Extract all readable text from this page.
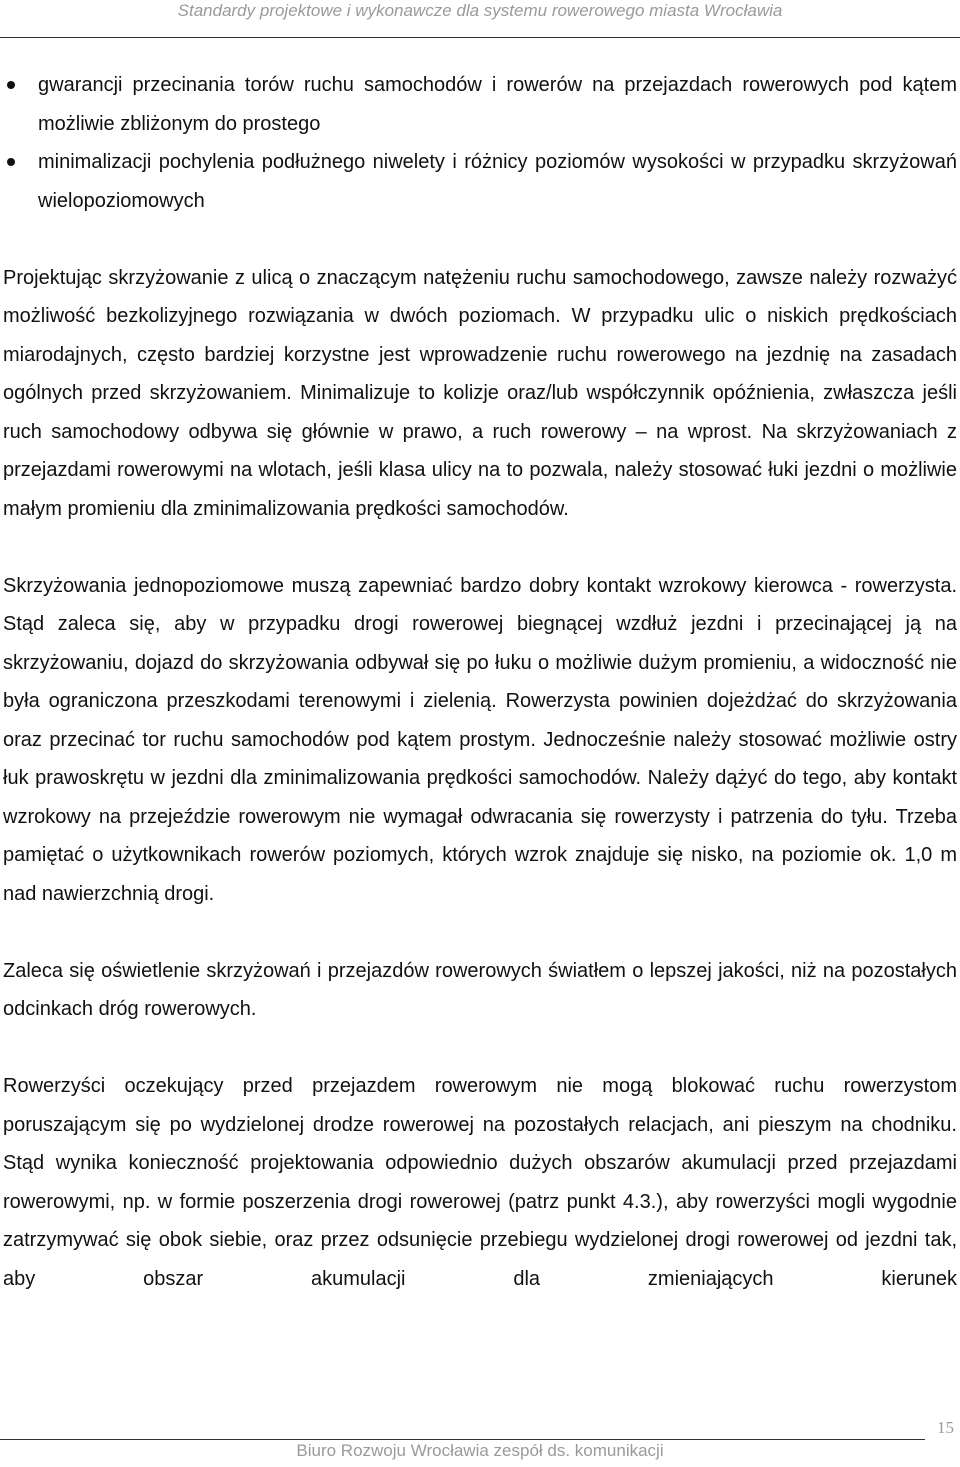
Standardy projektowe i wykonawcze dla systemu rowerowego miasta Wrocławia
gwarancji przecinania torów ruchu samochodów i rowerów na przejazdach rowerowych pod kątem możliwie zbliżonym do prostego
minimalizacji pochylenia podłużnego niwelety i różnicy poziomów wysokości w przypadku skrzyżowań wielopoziomowych

Projektując skrzyżowanie z ulicą o znaczącym natężeniu ruchu samochodowego, zawsze należy rozważyć możliwość bezkolizyjnego rozwiązania w dwóch poziomach. W przypadku ulic o niskich prędkościach miarodajnych, często bardziej korzystne jest wprowadzenie ruchu rowerowego na jezdnię na zasadach ogólnych przed skrzyżowaniem. Minimalizuje to kolizje oraz/lub współczynnik opóźnienia, zwłaszcza jeśli ruch samochodowy odbywa się głównie w prawo, a ruch rowerowy – na wprost. Na skrzyżowaniach z przejazdami rowerowymi na wlotach, jeśli klasa ulicy na to pozwala, należy stosować łuki jezdni o możliwie małym promieniu dla zminimalizowania prędkości samochodów.

Skrzyżowania jednopoziomowe muszą zapewniać bardzo dobry kontakt wzrokowy kierowca - rowerzysta. Stąd zaleca się, aby w przypadku drogi rowerowej biegnącej wzdłuż jezdni i przecinającej ją na skrzyżowaniu, dojazd do skrzyżowania odbywał się po łuku o możliwie dużym promieniu, a widoczność nie była ograniczona przeszkodami terenowymi i zielenią. Rowerzysta powinien dojeżdżać do skrzyżowania oraz przecinać tor ruchu samochodów pod kątem prostym. Jednocześnie należy stosować możliwie ostry łuk prawoskrętu w jezdni dla zminimalizowania prędkości samochodów. Należy dążyć do tego, aby kontakt wzrokowy na przejeździe rowerowym nie wymagał odwracania się rowerzysty i patrzenia do tyłu. Trzeba pamiętać o użytkownikach rowerów poziomych, których wzrok znajduje się nisko, na poziomie ok. 1,0 m nad nawierzchnią drogi.

Zaleca się oświetlenie skrzyżowań i przejazdów rowerowych światłem o lepszej jakości, niż na pozostałych odcinkach dróg rowerowych.

Rowerzyści oczekujący przed przejazdem rowerowym nie mogą blokować ruchu rowerzystom poruszającym się po wydzielonej drodze rowerowej na pozostałych relacjach, ani pieszym na chodniku. Stąd wynika konieczność projektowania odpowiednio dużych obszarów akumulacji przed przejazdami rowerowymi, np. w formie poszerzenia drogi rowerowej (patrz punkt 4.3.), aby rowerzyści mogli wygodnie zatrzymywać się obok siebie, oraz przez odsunięcie przebiegu wydzielonej drogi rowerowej od jezdni tak, aby obszar akumulacji dla zmieniających kierunek

15
Biuro Rozwoju Wrocławia zespół ds. komunikacji
